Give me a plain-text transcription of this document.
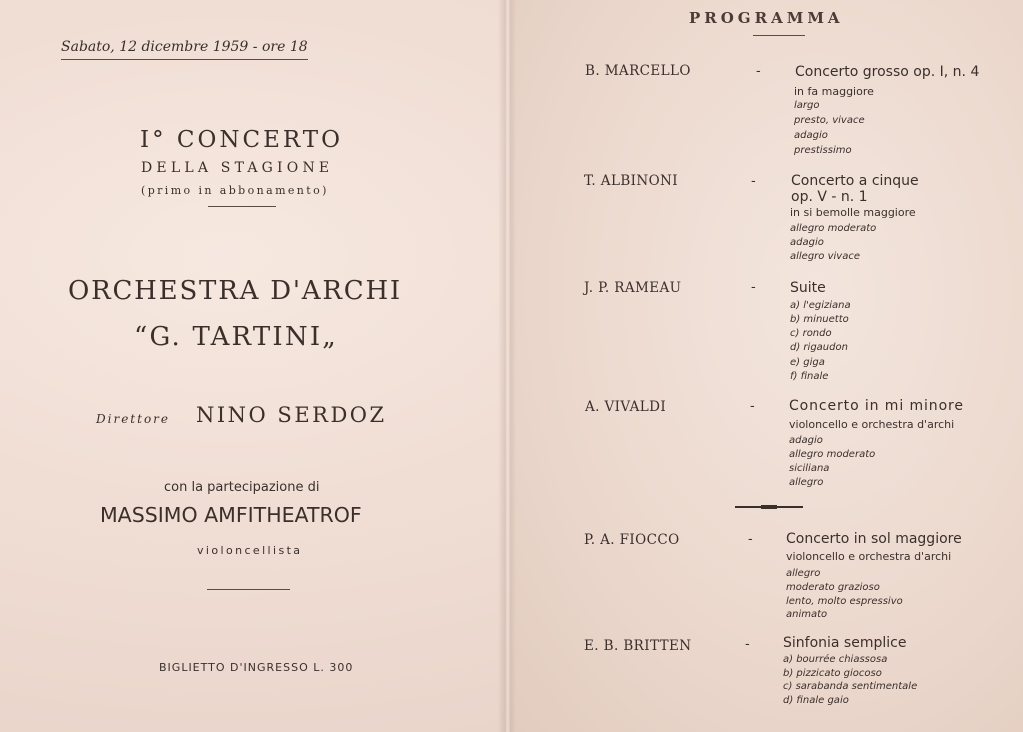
Sabato, 12 dicembre 1959 - ore 18
I° CONCERTO
DELLA STAGIONE
(primo in abbonamento)
ORCHESTRA D'ARCHI
“G. TARTINI„
Direttore NINO SERDOZ
con la partecipazione di
MASSIMO AMFITHEATROF
violoncellista
BIGLIETTO D'INGRESSO L. 300
PROGRAMMA
B. MARCELLO	- Concerto grosso op. I, n. 4
in fa maggiore
largo
presto, vivace
adagio
prestissimo
T. ALBINONI	-	Concerto a cinque
op. V - n. 1
in si bemolle maggiore
allegro moderato
adagio
allegro vivace
J. P. RAMEAU	- Suite
a) l'egiziana
b) minuetto
c) rondo
d) rigaudon
e) giga
f) finale
A. VIVALDI	- Concerto in mi minore
violoncello e orchestra d'archi
adagio
allegro moderato
siciliana
allegro
P. A. FIOCCO	- Concerto in sol maggiore
violoncello e orchestra d'archi
allegro
moderato grazioso
lento, molto espressivo
animato
E. B. BRITTEN	- Sinfonia semplice
a) bourrée chiassosa
b) pizzicato giocoso
c) sarabanda sentimentale
d) finale gaio
